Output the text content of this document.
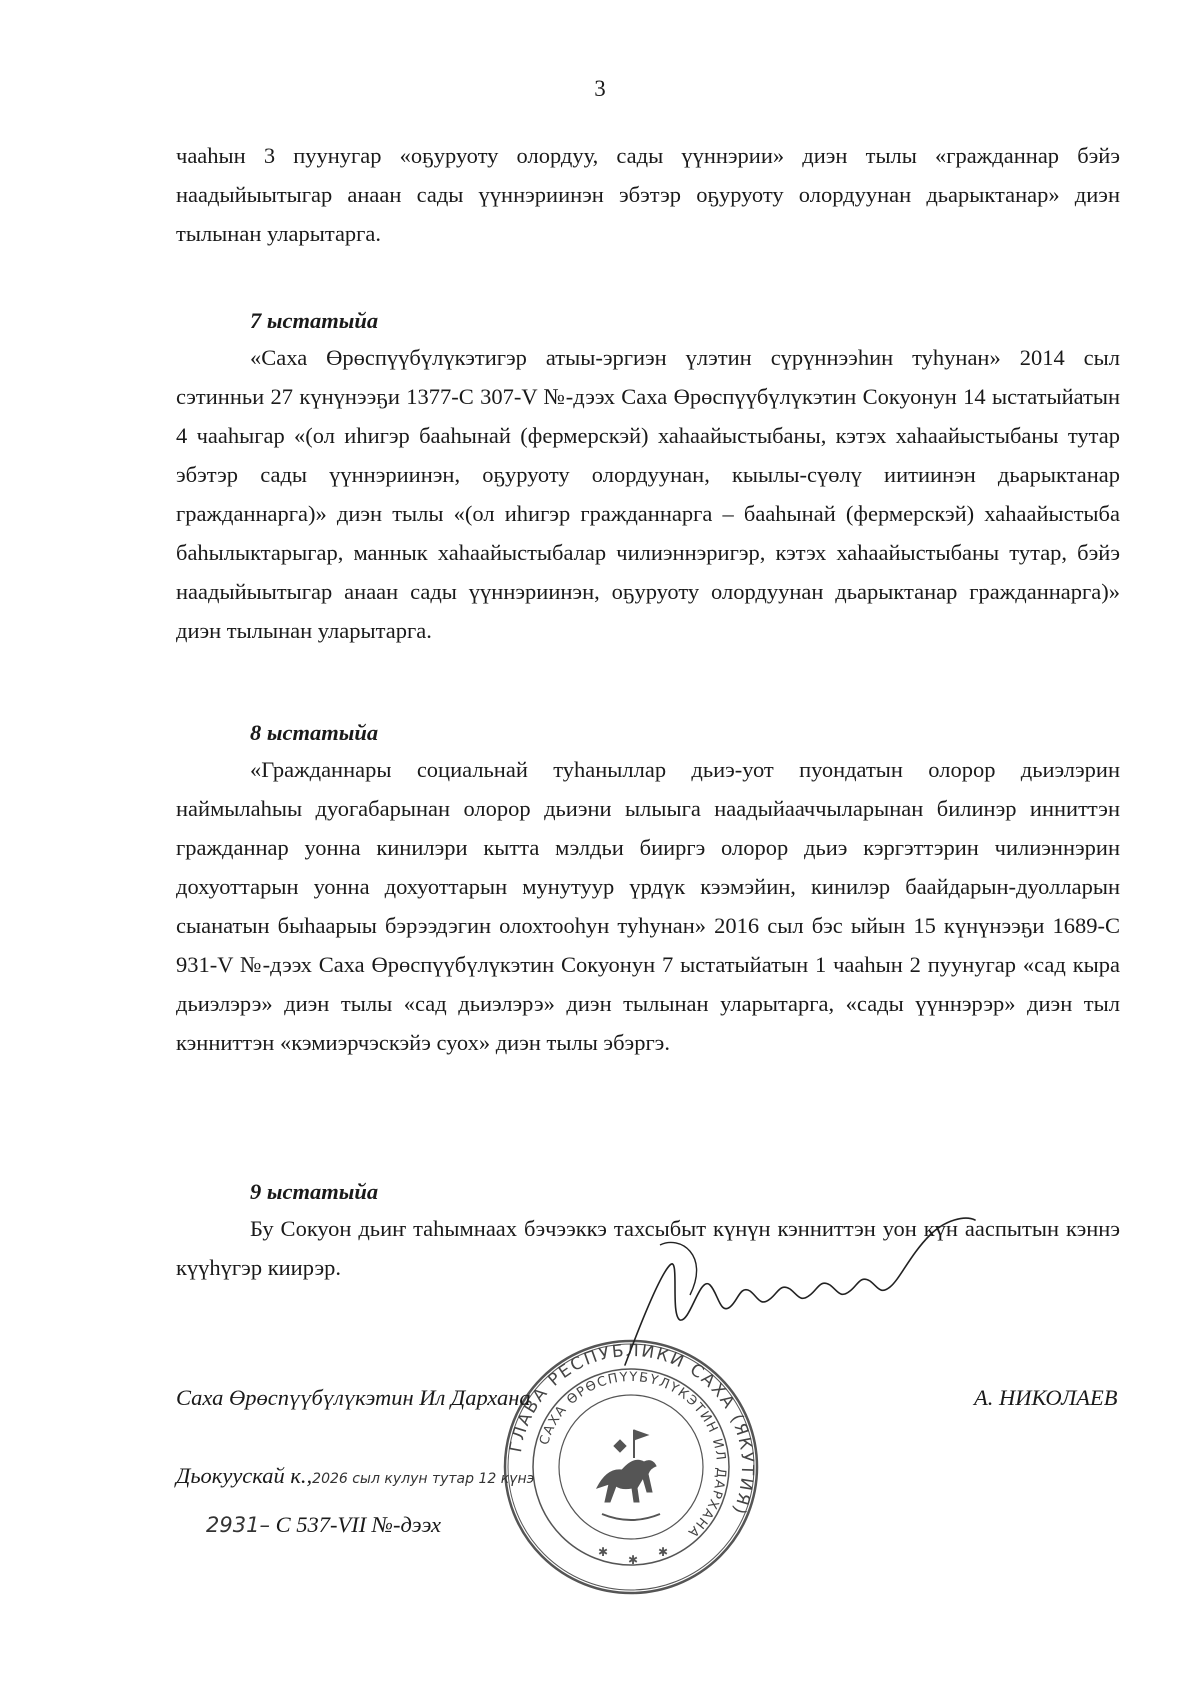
3

чааһын 3 пуунугар «оҕуруоту олордуу, сады үүннэрии» диэн тылы «гражданнар бэйэ наадыйыытыгар анаан сады үүннэриинэн эбэтэр оҕуруоту олордуунан дьарыктанар» диэн тылынан уларытарга.

7 ыстатыйа

«Саха Өрөспүүбүлүкэтигэр атыы-эргиэн үлэтин сүрүннээһин туһунан» 2014 сыл сэтинньи 27 күнүнээҕи 1377-С 307-V №-дээх Саха Өрөспүүбүлүкэтин Сокуонун 14 ыстатыйатын 4 чааһыгар «(ол иһигэр бааһынай (фермерскэй) хаһаайыстыбаны, кэтэх хаһаайыстыбаны тутар эбэтэр сады үүннэриинэн, оҕуруоту олордуунан, кыылы-сүөлү иитиинэн дьарыктанар гражданнарга)» диэн тылы «(ол иһигэр гражданнарга – бааһынай (фермерскэй) хаһаайыстыба баһылыктарыгар, маннык хаһаайыстыбалар чилиэннэригэр, кэтэх хаһаайыстыбаны тутар, бэйэ наадыйыытыгар анаан сады үүннэриинэн, оҕуруоту олордуунан дьарыктанар гражданнарга)» диэн тылынан уларытарга.

8 ыстатыйа

«Гражданнары социальнай туһаныллар дьиэ-уот пуондатын олорор дьиэлэрин наймылаһыы дуогабарынан олорор дьиэни ылыыга наадыйааччыларынан билинэр инниттэн гражданнар уонна кинилэри кытта мэлдьи бииргэ олорор дьиэ кэргэттэрин чилиэннэрин дохуоттарын уонна дохуоттарын мунутуур үрдүк кээмэйин, кинилэр баайдарын-дуолларын сыанатын быһаарыы бэрээдэгин олохтооһун туһунан» 2016 сыл бэс ыйын 15 күнүнээҕи 1689-С 931-V №-дээх Саха Өрөспүүбүлүкэтин Сокуонун 7 ыстатыйатын 1 чааһын 2 пуунугар «сад кыра дьиэлэрэ» диэн тылы «сад дьиэлэрэ» диэн тылынан уларытарга, «сады үүннэрэр» диэн тыл кэнниттэн «кэмиэрчэскэйэ суох» диэн тылы эбэргэ.

9 ыстатыйа

Бу Сокуон дьиҥ таһымнаах бэчээккэ тахсыбыт күнүн кэнниттэн уон күн ааспытын кэннэ күүһүгэр киирэр.

ГЛАВА РЕСПУБЛИКИ САХА (ЯКУТИЯ)
САХА ӨРӨСПҮҮБҮЛҮКЭТИН ИЛ ДАРХАНА
✱
✱
✱
Саха Өрөспүүбүлүкэтин Ил Дарханa	А. НИКОЛАЕВ
Дьокуускай к.,2026 сыл кулун тутар 12 күнэ
2931– С 537-VII №-дээх
